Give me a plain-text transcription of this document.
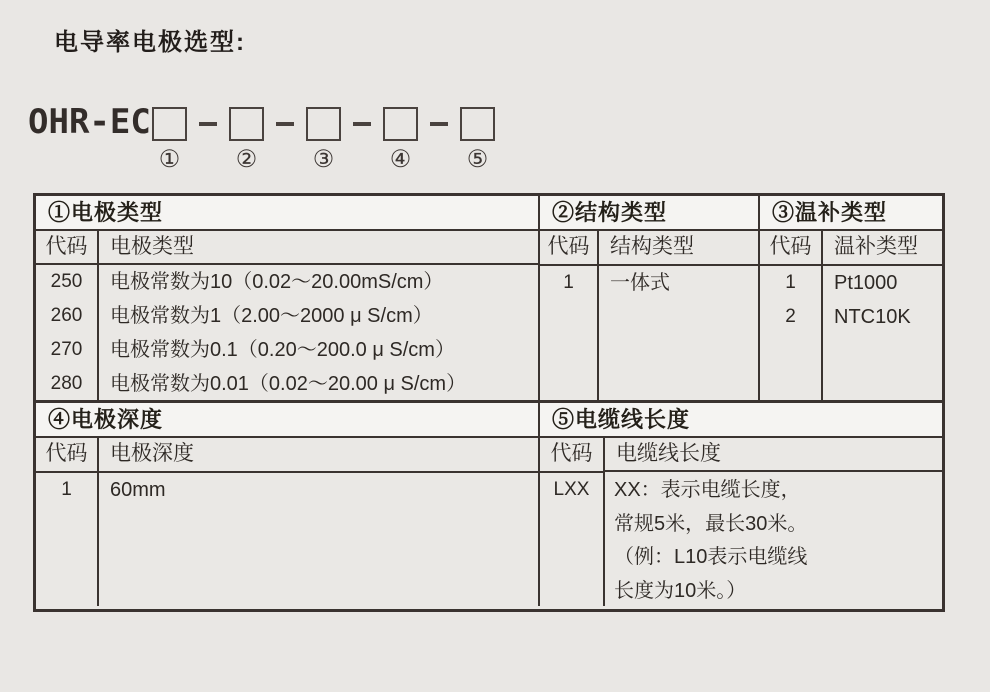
电导率电极选型:
OHR-EC
① ② ③ ④ ⑤
①电极类型
代码
250
260
270
280
电极类型
电极常数为10（0.02～20.00mS/cm）
电极常数为1（2.00～2000 μ S/cm）
电极常数为0.1（0.20～200.0 μ S/cm）
电极常数为0.01（0.02～20.00 μ S/cm）
②结构类型
代码
1
结构类型
一体式
③温补类型
代码
1
2
温补类型
Pt1000
NTC10K
④电极深度
代码
1
电极深度
60mm
⑤电缆线长度
代码
LXX
电缆线长度
XX：表示电缆长度，
常规5米，最长30米。
（例：L10表示电缆线
长度为10米。）
